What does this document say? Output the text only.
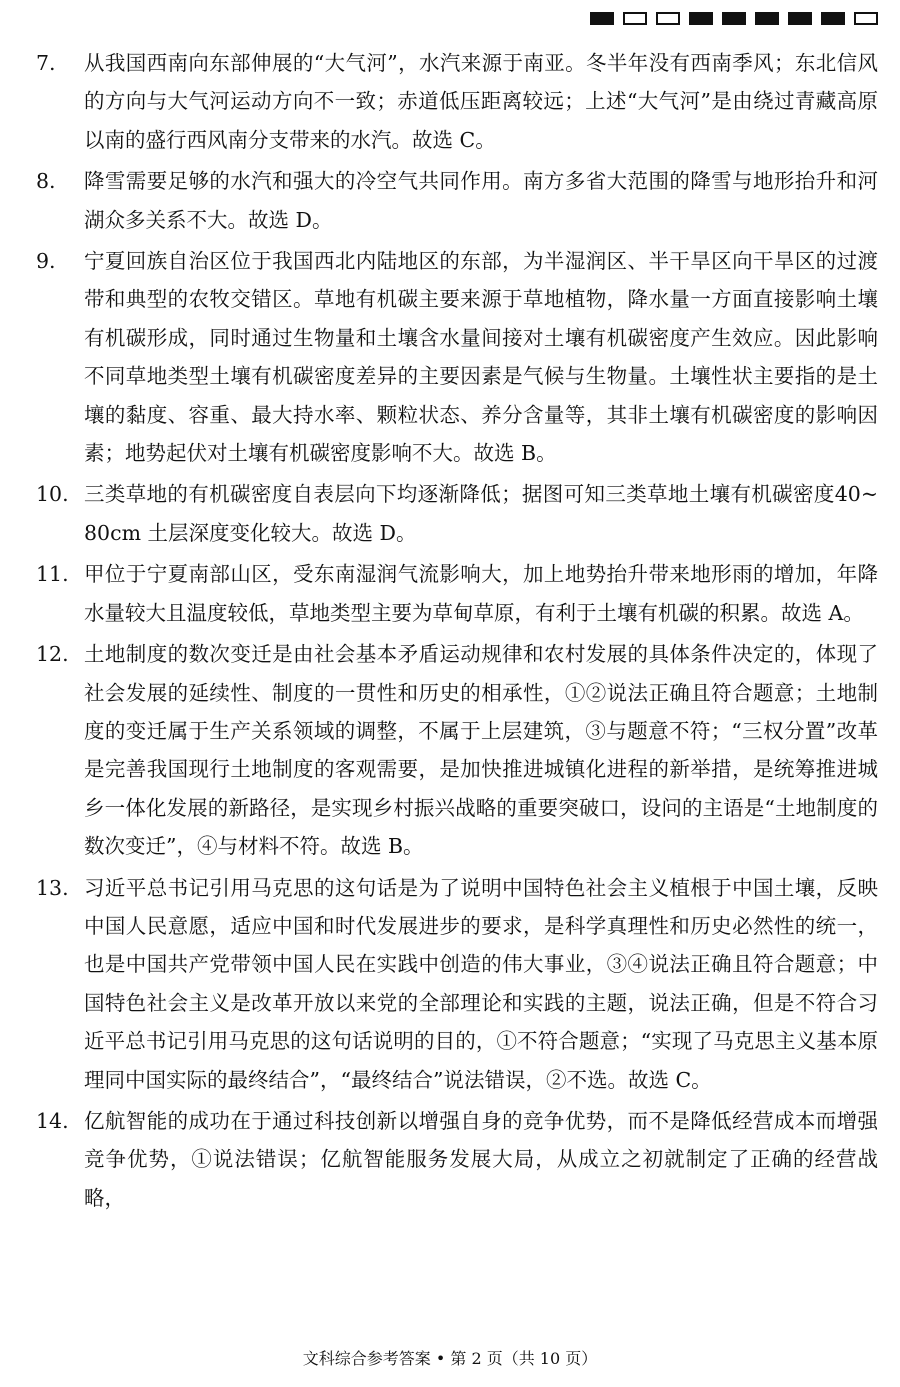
7.	从我国西南向东部伸展的“大气河”，水汽来源于南亚。冬半年没有西南季风；东北信风的方向与大气河运动方向不一致；赤道低压距离较远；上述“大气河”是由绕过青藏高原以南的盛行西风南分支带来的水汽。故选 C。
8.	降雪需要足够的水汽和强大的冷空气共同作用。南方多省大范围的降雪与地形抬升和河湖众多关系不大。故选 D。
9.	宁夏回族自治区位于我国西北内陆地区的东部，为半湿润区、半干旱区向干旱区的过渡带和典型的农牧交错区。草地有机碳主要来源于草地植物，降水量一方面直接影响土壤有机碳形成，同时通过生物量和土壤含水量间接对土壤有机碳密度产生效应。因此影响不同草地类型土壤有机碳密度差异的主要因素是气候与生物量。土壤性状主要指的是土壤的黏度、容重、最大持水率、颗粒状态、养分含量等，其非土壤有机碳密度的影响因素；地势起伏对土壤有机碳密度影响不大。故选 B。
10. 三类草地的有机碳密度自表层向下均逐渐降低；据图可知三类草地土壤有机碳密度40~80cm 土层深度变化较大。故选 D。
11. 甲位于宁夏南部山区，受东南湿润气流影响大，加上地势抬升带来地形雨的增加，年降水量较大且温度较低，草地类型主要为草甸草原，有利于土壤有机碳的积累。故选 A。
12. 土地制度的数次变迁是由社会基本矛盾运动规律和农村发展的具体条件决定的，体现了社会发展的延续性、制度的一贯性和历史的相承性，①②说法正确且符合题意；土地制度的变迁属于生产关系领域的调整，不属于上层建筑，③与题意不符；“三权分置”改革是完善我国现行土地制度的客观需要，是加快推进城镇化进程的新举措，是统筹推进城乡一体化发展的新路径，是实现乡村振兴战略的重要突破口，设问的主语是“土地制度的数次变迁”，④与材料不符。故选 B。
13. 习近平总书记引用马克思的这句话是为了说明中国特色社会主义植根于中国土壤，反映中国人民意愿，适应中国和时代发展进步的要求，是科学真理性和历史必然性的统一，也是中国共产党带领中国人民在实践中创造的伟大事业，③④说法正确且符合题意；中国特色社会主义是改革开放以来党的全部理论和实践的主题，说法正确，但是不符合习近平总书记引用马克思的这句话说明的目的，①不符合题意；“实现了马克思主义基本原理同中国实际的最终结合”，“最终结合”说法错误，②不选。故选 C。
14. 亿航智能的成功在于通过科技创新以增强自身的竞争优势，而不是降低经营成本而增强竞争优势，①说法错误；亿航智能服务发展大局，从成立之初就制定了正确的经营战略，
文科综合参考答案 • 第 2 页（共 10 页）
